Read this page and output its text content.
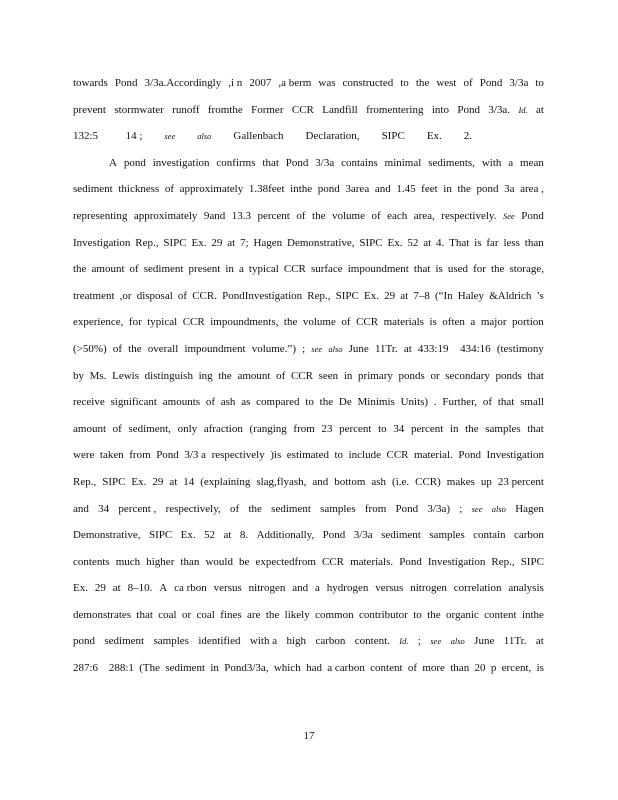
towards Pond 3/3a.Accordingly ,i n 2007 ,a berm was constructed to the west of Pond 3/3a to
prevent stormwater runoff fromthe Former CCR Landfill fromentering into Pond 3/3a. Id. at
132:5  14 ;	see	also Gallenbach Declaration, SIPC Ex. 2.
A pond investigation confirms that Pond 3/3a contains minimal sediments, with a mean
sediment thickness of approximately 1.38feet inthe pond 3area and 1.45 feet in the pond 3a area ,
representing approximately 9and 13.3 percent of the volume of each area, respectively. See Pond
Investigation Rep., SIPC Ex. 29 at 7; Hagen Demonstrative, SIPC Ex. 52 at 4. That is far less than
the amount of sediment present in a typical CCR surface impoundment that is used for the storage,
treatment ,or disposal of CCR. PondInvestigation Rep., SIPC Ex. 29 at 7–8 (“In Haley &Aldrich ’s
experience, for typical CCR impoundments, the volume of CCR materials is often a major portion
(>50%) of the overall impoundment volume.”) ; see also June 11Tr. at 433:19  434:16 (testimony
by Ms. Lewis distinguish ing the amount of CCR seen in primary ponds or secondary ponds that
receive significant amounts of ash as compared to the De Minimis Units) . Further, of that small
amount of sediment, only afraction (ranging from 23 percent to 34 percent in the samples that
were taken from Pond 3/3 a respectively )is estimated to include CCR material. Pond Investigation
Rep., SIPC Ex. 29 at 14 (explaining slag,flyash, and bottom ash (i.e. CCR) makes up 23 percent
and 34 percent , respectively, of the sediment samples from Pond 3/3a) ; see also Hagen
Demonstrative, SIPC Ex. 52 at 8. Additionally, Pond 3/3a sediment samples contain carbon
contents much higher than would be expectedfrom CCR materials. Pond Investigation Rep., SIPC
Ex. 29 at 8–10. A ca rbon versus nitrogen and a hydrogen versus nitrogen correlation analysis
demonstrates that coal or coal fines are the likely common contributor to the organic content inthe
pond sediment samples identified with a high carbon content. Id. ; see also June 11Tr. at
287:6  288:1 (The sediment in Pond3/3a, which had a carbon content of more than 20 p ercent, is
17
